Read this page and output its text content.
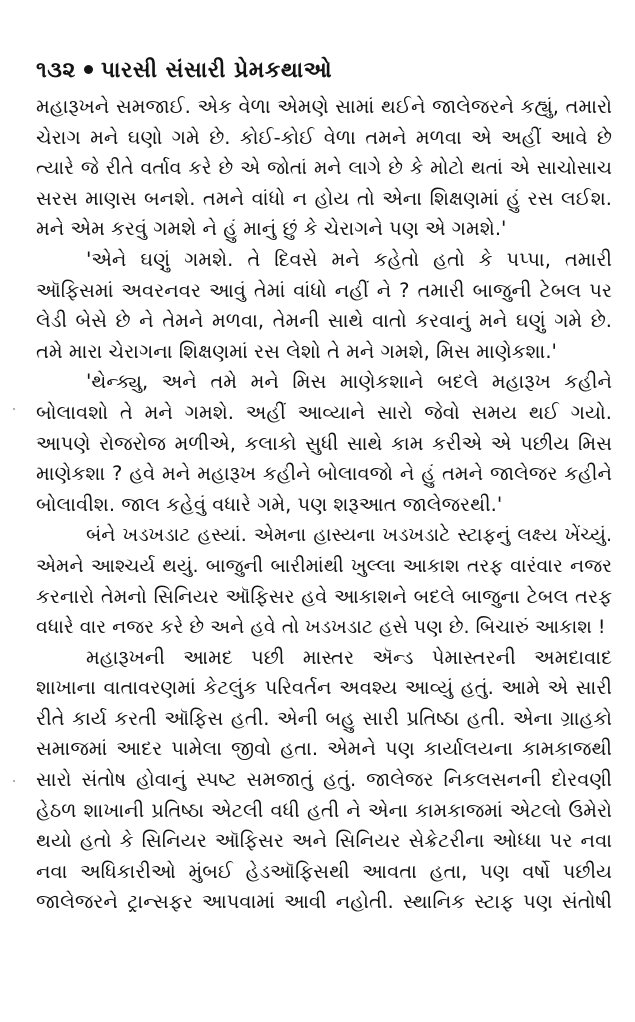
૧૩૨ પારસી સંસારી પ્રેમકથાઓ
મહારૂખને સમજાઈ. એક વેળા એમણે સામાં થઈને જાલેજરને કહ્યું, તમારો
ચેરાગ મને ઘણો ગમે છે. કોઈ-કોઈ વેળા તમને મળવા એ અહીં આવે છે
ત્યારે જે રીતે વર્તાવ કરે છે એ જોતાં મને લાગે છે કે મોટો થતાં એ સાચોસાચ
સરસ માણસ બનશે. તમને વાંધો ન હોય તો એના શિક્ષણમાં હું રસ લઈશ.
મને એમ કરવું ગમશે ને હું માનું છું કે ચેરાગને પણ એ ગમશે.'
'એને ઘણું ગમશે. તે દિવસે મને કહેતો હતો કે પપ્પા, તમારી
ઑફિસમાં અવરનવર આવું તેમાં વાંધો નહીં ને ? તમારી બાજુની ટેબલ પર
લેડી બેસે છે ને તેમને મળવા, તેમની સાથે વાતો કરવાનું મને ઘણું ગમે છે.
તમે મારા ચેરાગના શિક્ષણમાં રસ લેશો તે મને ગમશે, મિસ માણેકશા.'
'થેન્ક્યુ, અને તમે મને મિસ માણેકશાને બદલે મહારૂખ કહીને
બોલાવશો તે મને ગમશે. અહીં આવ્યાને સારો જેવો સમય થઈ ગયો.
આપણે રોજરોજ મળીએ, કલાકો સુધી સાથે કામ કરીએ એ પછીય મિસ
માણેકશા ? હવે મને મહારૂખ કહીને બોલાવજો ને હું તમને જાલેજર કહીને
બોલાવીશ. જાલ કહેવું વધારે ગમે, પણ શરૂઆત જાલેજરથી.'
બંને ખડખડાટ હસ્યાં. એમના હાસ્યના ખડખડાટે સ્ટાફનું લક્ષ્ય ખેંચ્યું.
એમને આશ્ચર્ય થયું. બાજુની બારીમાંથી ખુલ્લા આકાશ તરફ વારંવાર નજર
કરનારો તેમનો સિનિયર ઑફિસર હવે આકાશને બદલે બાજુના ટેબલ તરફ
વધારે વાર નજર કરે છે અને હવે તો ખડખડાટ હસે પણ છે. બિચારું આકાશ !
મહારૂખની આમદ પછી માસ્તર ઍન્ડ પેમાસ્તરની અમદાવાદ
શાખાના વાતાવરણમાં કેટલુંક પરિવર્તન અવશ્ય આવ્યું હતું. આમે એ સારી
રીતે કાર્ય કરતી ઑફિસ હતી. એની બહુ સારી પ્રતિષ્ઠા હતી. એના ગ્રાહકો
સમાજમાં આદર પામેલા જીવો હતા. એમને પણ કાર્યાલયના કામકાજથી
સારો સંતોષ હોવાનું સ્પષ્ટ સમજાતું હતું. જાલેજર નિકલસનની દોરવણી
હેઠળ શાખાની પ્રતિષ્ઠા એટલી વધી હતી ને એના કામકાજમાં એટલો ઉમેરો
થયો હતો કે સિનિયર ઑફિસર અને સિનિયર સેક્રેટરીના ઓધ્ધા પર નવા
નવા અધિકારીઓ મુંબઈ હેડઑફિસથી આવતા હતા, પણ વર્ષો પછીય
જાલેજરને ટ્રાન્સફર આપવામાં આવી નહોતી. સ્થાનિક સ્ટાફ પણ સંતોષી
